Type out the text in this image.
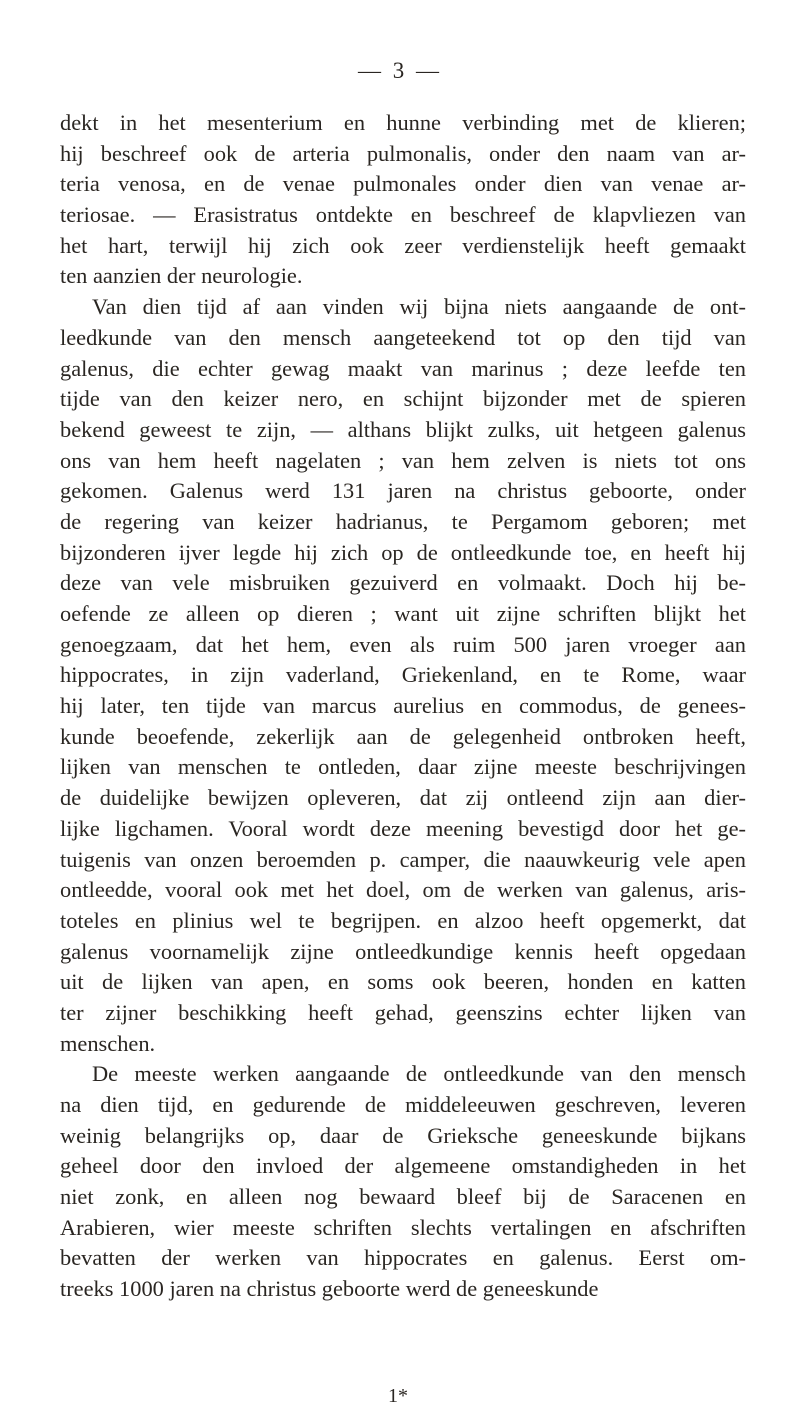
— 3 —
dekt in het mesenterium en hunne verbinding met de klieren;
hij beschreef ook de arteria pulmonalis, onder den naam van ar-
teria venosa, en de venae pulmonales onder dien van venae ar-
teriosae. — Erasistratus ontdekte en beschreef de klapvliezen van
het hart, terwijl hij zich ook zeer verdienstelijk heeft gemaakt
ten aanzien der neurologie.
Van dien tijd af aan vinden wij bijna niets aangaande de ont-
leedkunde van den mensch aangeteekend tot op den tijd van
galenus, die echter gewag maakt van marinus ; deze leefde ten
tijde van den keizer nero, en schijnt bijzonder met de spieren
bekend geweest te zijn, — althans blijkt zulks, uit hetgeen galenus
ons van hem heeft nagelaten ; van hem zelven is niets tot ons
gekomen. Galenus werd 131 jaren na christus geboorte, onder
de regering van keizer hadrianus, te Pergamom geboren; met
bijzonderen ijver legde hij zich op de ontleedkunde toe, en heeft hij
deze van vele misbruiken gezuiverd en volmaakt. Doch hij be-
oefende ze alleen op dieren ; want uit zijne schriften blijkt het
genoegzaam, dat het hem, even als ruim 500 jaren vroeger aan
hippocrates, in zijn vaderland, Griekenland, en te Rome, waar
hij later, ten tijde van marcus aurelius en commodus, de genees-
kunde beoefende, zekerlijk aan de gelegenheid ontbroken heeft,
lijken van menschen te ontleden, daar zijne meeste beschrijvingen
de duidelijke bewijzen opleveren, dat zij ontleend zijn aan dier-
lijke ligchamen. Vooral wordt deze meening bevestigd door het ge-
tuigenis van onzen beroemden p. camper, die naauwkeurig vele apen
ontleedde, vooral ook met het doel, om de werken van galenus, aris-
toteles en plinius wel te begrijpen. en alzoo heeft opgemerkt, dat
galenus voornamelijk zijne ontleedkundige kennis heeft opgedaan
uit de lijken van apen, en soms ook beeren, honden en katten
ter zijner beschikking heeft gehad, geenszins echter lijken van
menschen.
De meeste werken aangaande de ontleedkunde van den mensch
na dien tijd, en gedurende de middeleeuwen geschreven, leveren
weinig belangrijks op, daar de Grieksche geneeskunde bijkans
geheel door den invloed der algemeene omstandigheden in het
niet zonk, en alleen nog bewaard bleef bij de Saracenen en
Arabieren, wier meeste schriften slechts vertalingen en afschriften
bevatten der werken van hippocrates en galenus. Eerst om-
treeks 1000 jaren na christus geboorte werd de geneeskunde
1*
